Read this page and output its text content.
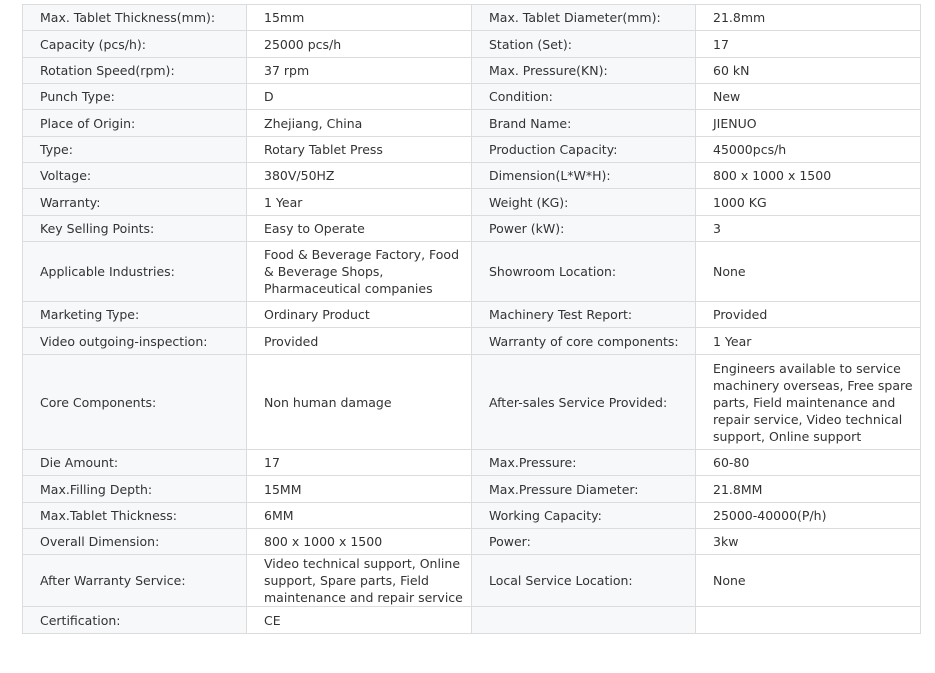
Max. Tablet Thickness(mm):	15mm	Max. Tablet Diameter(mm):	21.8mm
Capacity (pcs/h):	25000 pcs/h	Station (Set):	17
Rotation Speed(rpm):	37 rpm	Max. Pressure(KN):	60 kN
Punch Type:	D	Condition:	New
Place of Origin:	Zhejiang, China	Brand Name:	JIENUO
Type:	Rotary Tablet Press	Production Capacity:	45000pcs/h
Voltage:	380V/50HZ	Dimension(L*W*H):	800 x 1000 x 1500
Warranty:	1 Year	Weight (KG):	1000 KG
Key Selling Points:	Easy to Operate	Power (kW):	3
Applicable Industries:	Food & Beverage Factory, Food & Beverage Shops, Pharmaceutical companies	Showroom Location:	None
Marketing Type:	Ordinary Product	Machinery Test Report:	Provided
Video outgoing-inspection:	Provided	Warranty of core components:	1 Year
Core Components:	Non human damage	After-sales Service Provided:	Engineers available to service machinery overseas, Free spare parts, Field maintenance and repair service, Video technical support, Online support
Die Amount:	17	Max.Pressure:	60-80
Max.Filling Depth:	15MM	Max.Pressure Diameter:	21.8MM
Max.Tablet Thickness:	6MM	Working Capacity:	25000-40000(P/h)
Overall Dimension:	800 x 1000 x 1500	Power:	3kw
After Warranty Service:	Video technical support, Online support, Spare parts, Field maintenance and repair service	Local Service Location:	None
Certification:	CE		
